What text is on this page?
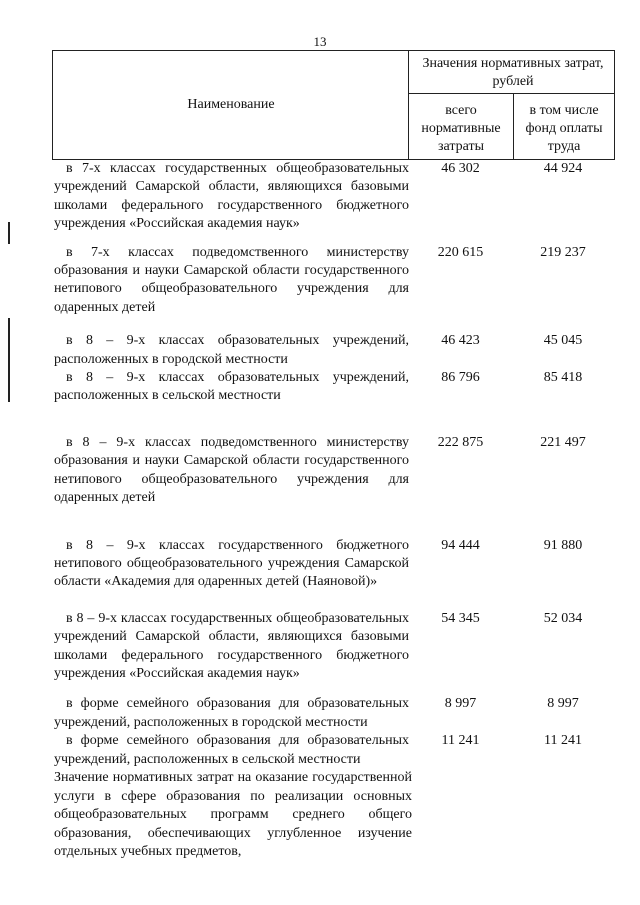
13
Наименование
Значения нормативных затрат, рублей
всего нормативные затраты
в том числе фонд оплаты труда
в 7-х классах государственных общеобразовательных учреждений Самарской области, являющихся базовыми школами федерального государственного бюджетного учреждения «Российская академия наук»
46 302	44 924
в 7-х классах подведомственного министерству образования и науки Самарской области государственного нетипового общеобразовательного учреждения для одаренных детей
220 615	219 237
в 8 – 9-х классах образовательных учреждений, расположенных в городской местности
46 423	45 045
в 8 – 9-х классах образовательных учреждений, расположенных в сельской местности
86 796	85 418
в 8 – 9-х классах подведомственного министерству образования и науки Самарской области государственного нетипового общеобразовательного учреждения для одаренных детей
222 875	221 497
в 8 – 9-х классах государственного бюджетного нетипового общеобразовательного учреждения Самарской области «Академия для одаренных детей (Наяновой)»
94 444	91 880
в 8 – 9-х классах государственных общеобразовательных учреждений Самарской области, являющихся базовыми школами федерального государственного бюджетного учреждения «Российская академия наук»
54 345	52 034
в форме семейного образования для образовательных учреждений, расположенных в городской местности
8 997	8 997
в форме семейного образования для образовательных учреждений, расположенных в сельской местности
11 241	11 241
Значение нормативных затрат на оказание государственной услуги в сфере образования по реализации основных общеобразовательных программ среднего общего образования, обеспечивающих углубленное изучение отдельных учебных предметов,
